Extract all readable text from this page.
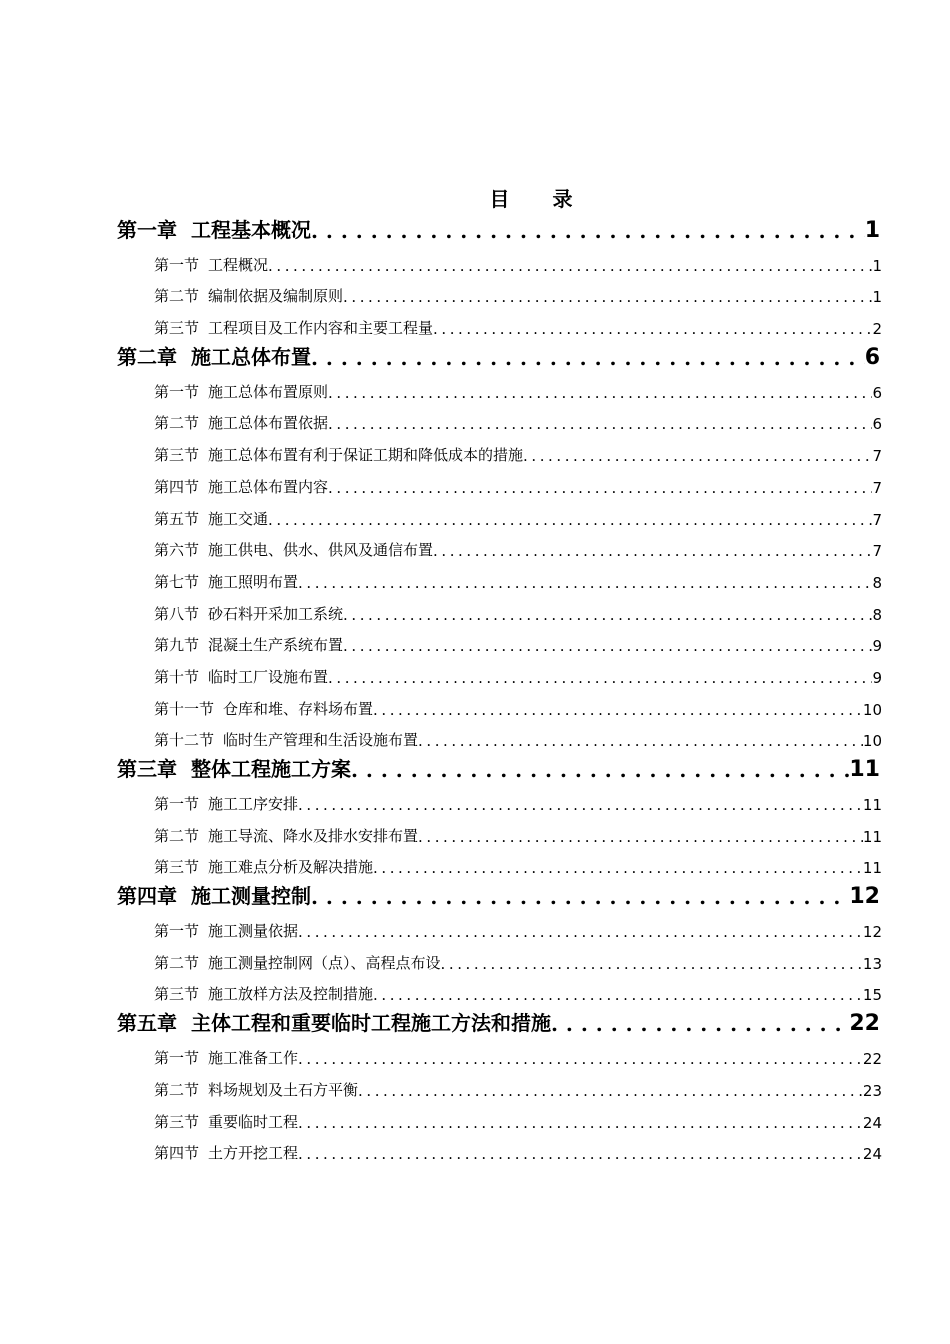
目 录
第一章 工程基本概况 . . .	1
第一节 工程概况 . . .	1
第二节 编制依据及编制原则 . . .	1
第三节 工程项目及工作内容和主要工程量 . . .	2
第二章 施工总体布置 . . .	6
第一节 施工总体布置原则 . . .	6
第二节 施工总体布置依据 . . .	6
第三节 施工总体布置有利于保证工期和降低成本的措施 . . .	7
第四节 施工总体布置内容 . . .	7
第五节 施工交通 . . .	7
第六节 施工供电、供水、供风及通信布置 . . .	7
第七节 施工照明布置 . . .	8
第八节 砂石料开采加工系统 . . .	8
第九节 混凝土生产系统布置 . . .	9
第十节 临时工厂设施布置 . . .	9
第十一节 仓库和堆、存料场布置 . . .	10
第十二节 临时生产管理和生活设施布置 . . .	10
第三章 整体工程施工方案 . . .	11
第一节 施工工序安排 . . .	11
第二节 施工导流、降水及排水安排布置 . . .	11
第三节 施工难点分析及解决措施 . . .	11
第四章 施工测量控制 . . .	12
第一节 施工测量依据 . . .	12
第二节 施工测量控制网（点）、高程点布设 . . .	13
第三节 施工放样方法及控制措施 . . .	15
第五章 主体工程和重要临时工程施工方法和措施 . . .	22
第一节 施工准备工作 . . .	22
第二节 料场规划及土石方平衡 . . .	23
第三节 重要临时工程 . . .	24
第四节 土方开挖工程 . . .	24
